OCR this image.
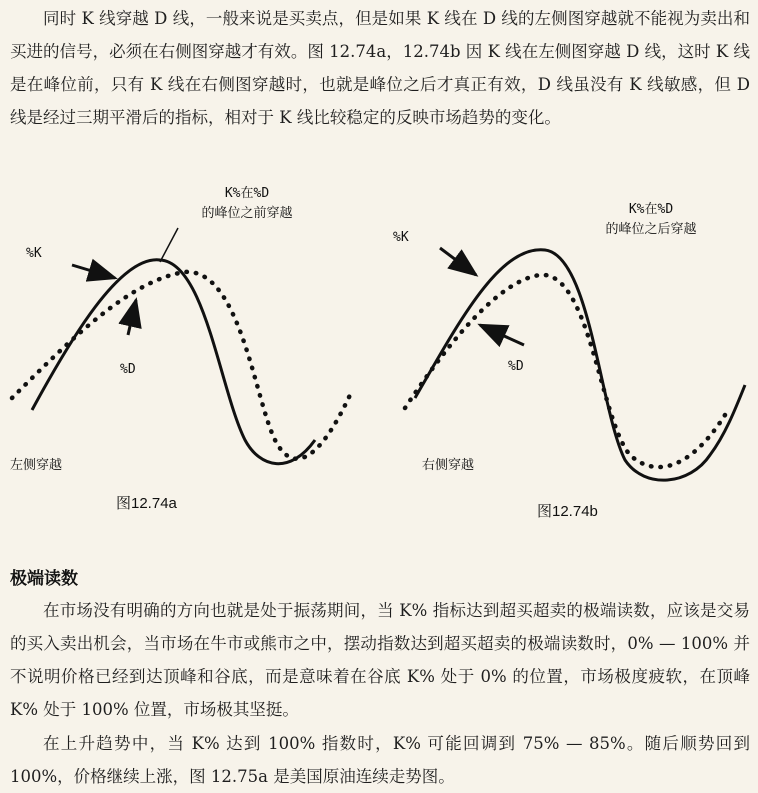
同时 K 线穿越 D 线，一般来说是买卖点，但是如果 K 线在 D 线的左侧图穿越就不能视为卖出和买进的信号，必须在右侧图穿越才有效。图 12.74a，12.74b 因 K 线在左侧图穿越 D 线，这时 K 线是在峰位前，只有 K 线在右侧图穿越时，也就是峰位之后才真正有效，D 线虽没有 K 线敏感，但 D 线是经过三期平滑后的指标，相对于 K 线比较稳定的反映市场趋势的变化。

K%在%D
的峰位之前穿越
%K
%D
左侧穿越
图12.74a
K%在%D
的峰位之后穿越
%K
%D
右侧穿越
图12.74b
极端读数

在市场没有明确的方向也就是处于振荡期间，当 K% 指标达到超买超卖的极端读数，应该是交易的买入卖出机会，当市场在牛市或熊市之中，摆动指数达到超买超卖的极端读数时，0% — 100% 并不说明价格已经到达顶峰和谷底，而是意味着在谷底 K% 处于 0% 的位置，市场极度疲软，在顶峰 K% 处于 100% 位置，市场极其坚挺。

在上升趋势中，当 K% 达到 100% 指数时，K% 可能回调到 75% — 85%。随后顺势回到 100%，价格继续上涨，图 12.75a 是美国原油连续走势图。
